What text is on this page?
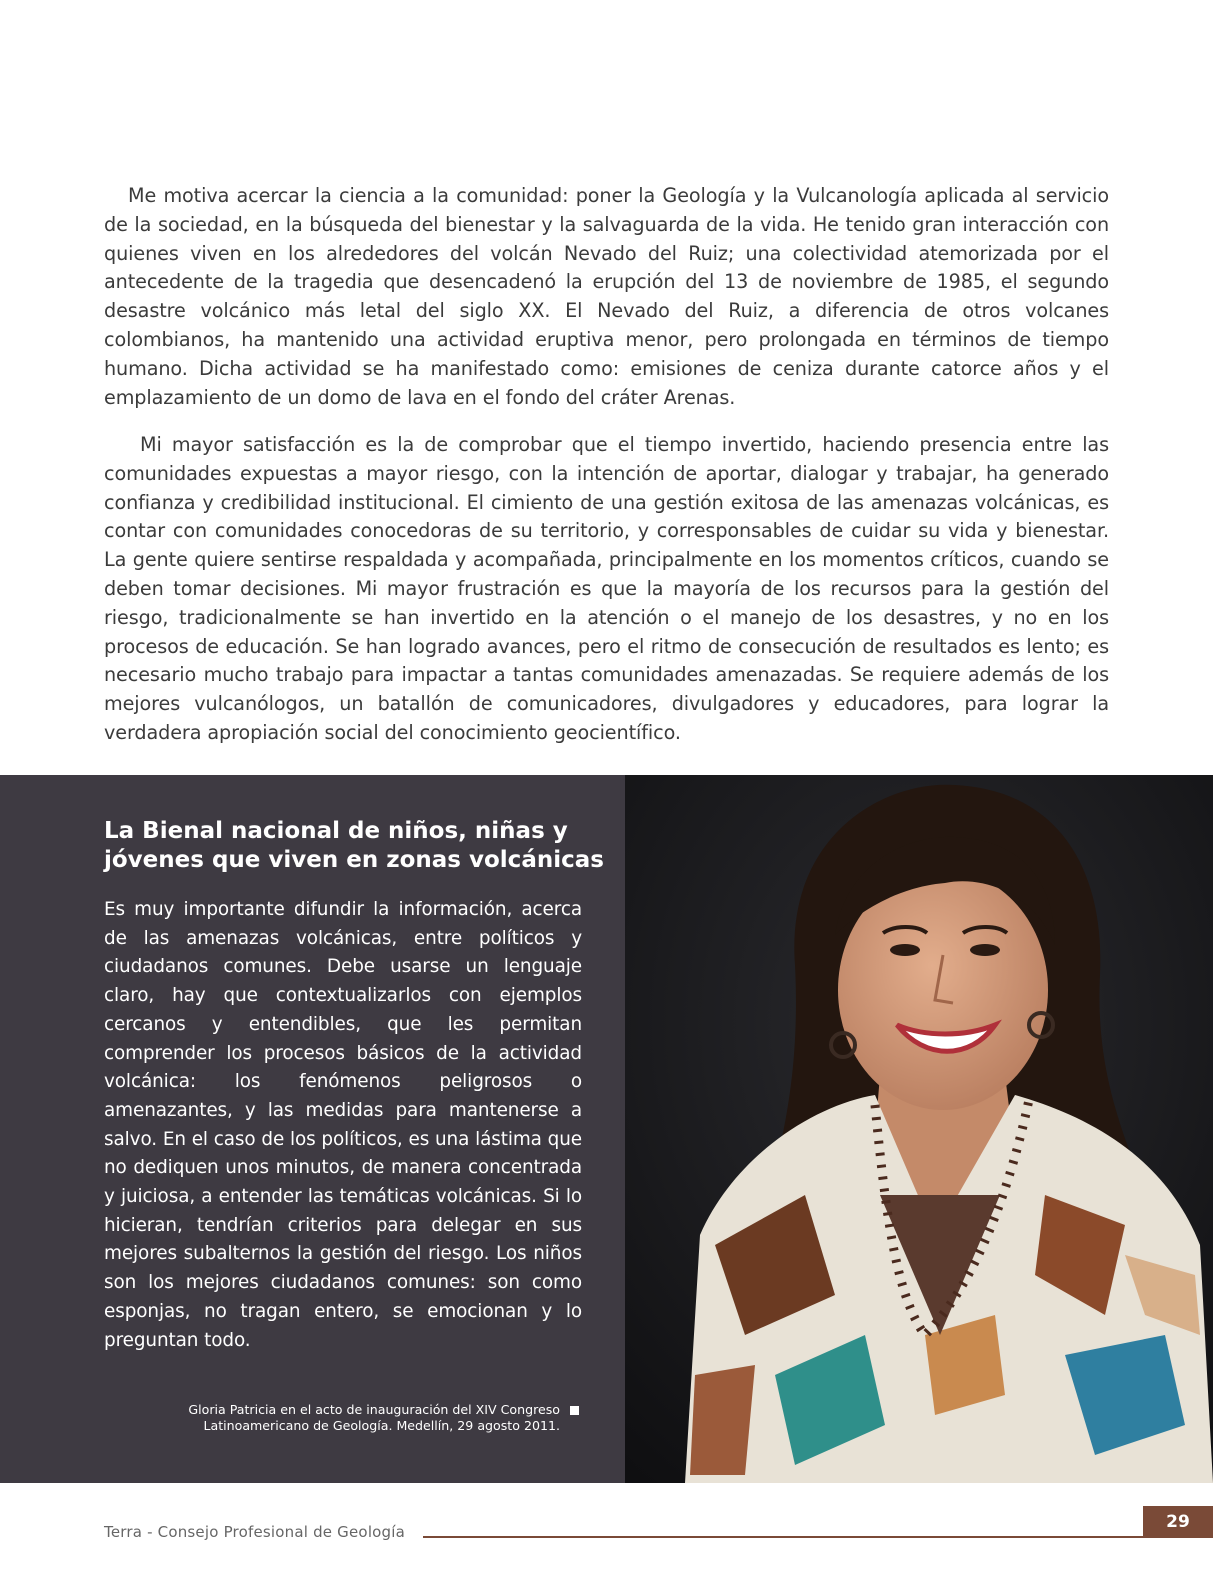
Me motiva acercar la ciencia a la comunidad: poner la Geología y la Vulcanología aplicada al servicio de la sociedad, en la búsqueda del bienestar y la salvaguarda de la vida. He tenido gran interacción con quienes viven en los alrededores del volcán Nevado del Ruiz; una colectividad atemorizada por el antecedente de la tragedia que desencadenó la erupción del 13 de noviembre de 1985, el segundo desastre volcánico más letal del siglo XX. El Nevado del Ruiz, a diferencia de otros volcanes colombianos, ha mantenido una actividad eruptiva menor, pero prolongada en términos de tiempo humano. Dicha actividad se ha manifestado como: emisiones de ceniza durante catorce años y el emplazamiento de un domo de lava en el fondo del cráter Arenas.

Mi mayor satisfacción es la de comprobar que el tiempo invertido, haciendo presencia entre las comunidades expuestas a mayor riesgo, con la intención de aportar, dialogar y trabajar, ha generado confianza y credibilidad institucional. El cimiento de una gestión exitosa de las amenazas volcánicas, es contar con comunidades conocedoras de su territorio, y corresponsables de cuidar su vida y bienestar. La gente quiere sentirse respaldada y acompañada, principalmente en los momentos críticos, cuando se deben tomar decisiones. Mi mayor frustración es que la mayoría de los recursos para la gestión del riesgo, tradicionalmente se han invertido en la atención o el manejo de los desastres, y no en los procesos de educación. Se han logrado avances, pero el ritmo de consecución de resultados es lento; es necesario mucho trabajo para impactar a tantas comunidades amenazadas. Se requiere además de los mejores vulcanólogos, un batallón de comunicadores, divulgadores y educadores, para lograr la verdadera apropiación social del conocimiento geocientífico.

La Bienal nacional de niños, niñas y jóvenes que viven en zonas volcánicas

Es muy importante difundir la información, acerca de las amenazas volcánicas, entre políticos y ciudadanos comunes. Debe usarse un lenguaje claro, hay que contextualizarlos con ejemplos cercanos y entendibles, que les permitan comprender los procesos básicos de la actividad volcánica: los fenómenos peligrosos o amenazantes, y las medidas para mantenerse a salvo. En el caso de los políticos, es una lástima que no dediquen unos minutos, de manera concentrada y juiciosa, a entender las temáticas volcánicas. Si lo hicieran, tendrían criterios para delegar en sus mejores subalternos la gestión del riesgo. Los niños son los mejores ciudadanos comunes: son como esponjas, no tragan entero, se emocionan y lo preguntan todo.

Gloria Patricia en el acto de inauguración del XIV Congreso Latinoamericano de Geología. Medellín, 29 agosto 2011.

Terra - Consejo Profesional de Geología	29
